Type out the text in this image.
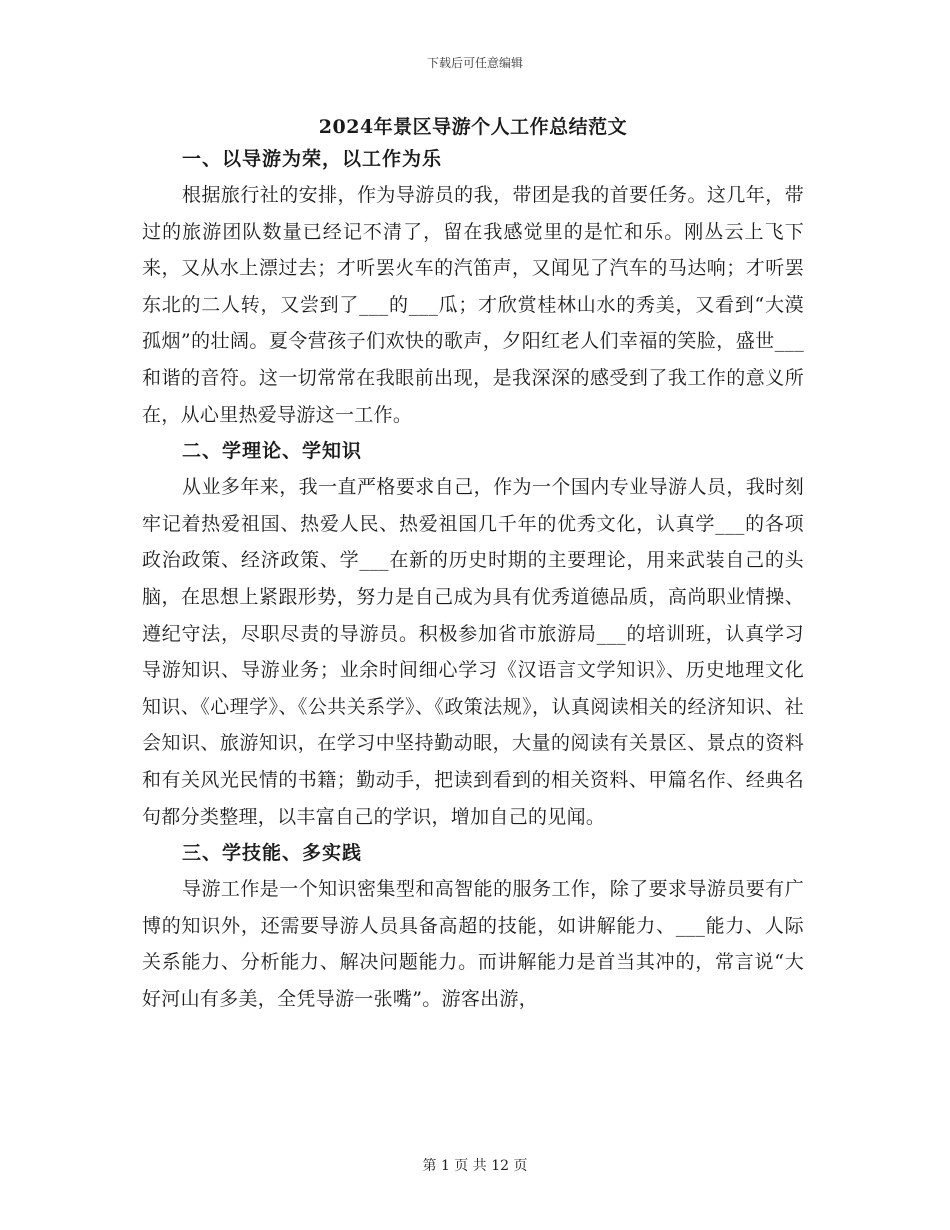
下载后可任意编辑
2024年景区导游个人工作总结范文
一、以导游为荣，以工作为乐

根据旅行社的安排，作为导游员的我，带团是我的首要任务。这几年，带过的旅游团队数量已经记不清了，留在我感觉里的是忙和乐。刚丛云上飞下来，又从水上漂过去；才听罢火车的汽笛声，又闻见了汽车的马达响；才听罢东北的二人转，又尝到了___的___瓜；才欣赏桂林山水的秀美，又看到“大漠孤烟”的壮阔。夏令营孩子们欢快的歌声，夕阳红老人们幸福的笑脸，盛世___和谐的音符。这一切常常在我眼前出现，是我深深的感受到了我工作的意义所在，从心里热爱导游这一工作。

二、学理论、学知识

从业多年来，我一直严格要求自己，作为一个国内专业导游人员，我时刻牢记着热爱祖国、热爱人民、热爱祖国几千年的优秀文化，认真学___的各项政治政策、经济政策、学___在新的历史时期的主要理论，用来武装自己的头脑，在思想上紧跟形势，努力是自己成为具有优秀道德品质，高尚职业情操、遵纪守法，尽职尽责的导游员。积极参加省市旅游局___的培训班，认真学习导游知识、导游业务；业余时间细心学习《汉语言文学知识》、历史地理文化知识、《心理学》、《公共关系学》、《政策法规》，认真阅读相关的经济知识、社会知识、旅游知识，在学习中坚持勤动眼，大量的阅读有关景区、景点的资料和有关风光民情的书籍；勤动手，把读到看到的相关资料、甲篇名作、经典名句都分类整理，以丰富自己的学识，增加自己的见闻。

三、学技能、多实践

导游工作是一个知识密集型和高智能的服务工作，除了要求导游员要有广博的知识外，还需要导游人员具备高超的技能，如讲解能力、___能力、人际关系能力、分析能力、解决问题能力。而讲解能力是首当其冲的，常言说“大好河山有多美，全凭导游一张嘴”。游客出游，

第 1 页 共 12 页
